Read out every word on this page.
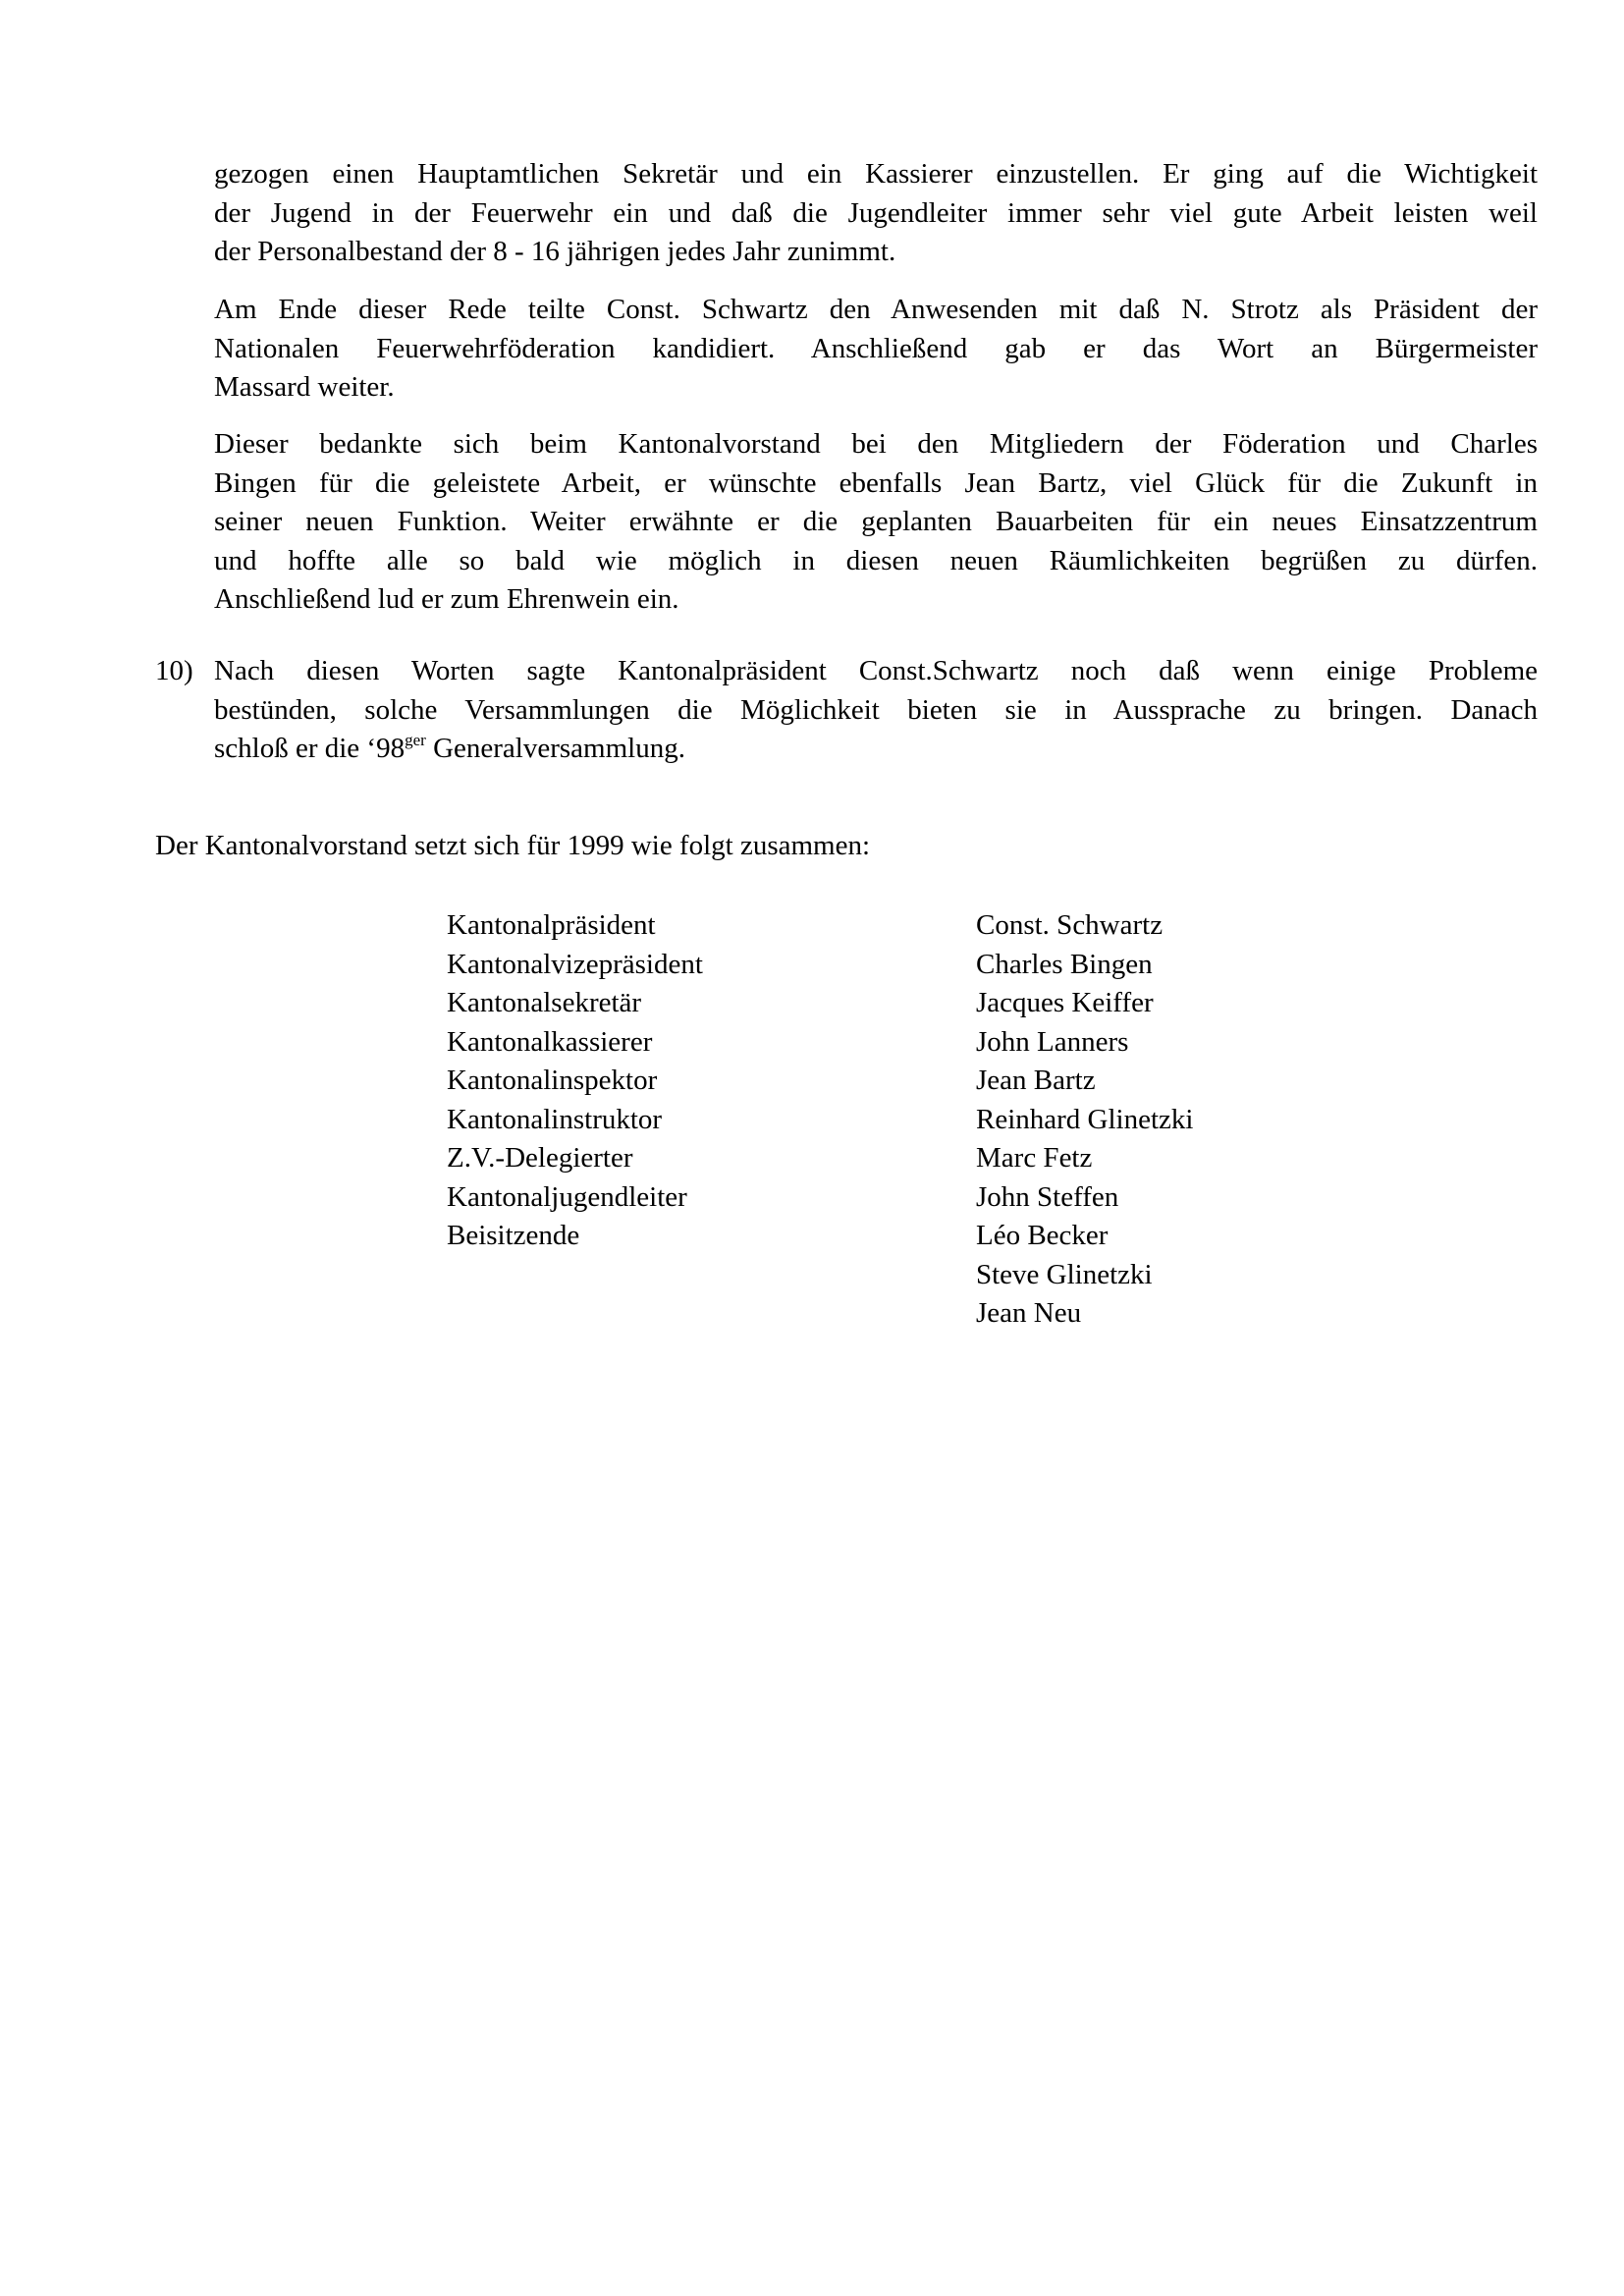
gezogen einen Hauptamtlichen Sekretär und ein Kassierer einzustellen. Er ging auf die Wichtigkeit
der Jugend in der Feuerwehr ein und daß die Jugendleiter immer sehr viel gute Arbeit leisten weil
der Personalbestand der 8 - 16 jährigen jedes Jahr zunimmt.

Am Ende dieser Rede teilte Const. Schwartz den Anwesenden mit daß N. Strotz als Präsident der
Nationalen Feuerwehrföderation kandidiert. Anschließend gab er das Wort an Bürgermeister
Massard weiter.

Dieser bedankte sich beim Kantonalvorstand bei den Mitgliedern der Föderation und Charles
Bingen für die geleistete Arbeit, er wünschte ebenfalls Jean Bartz, viel Glück für die Zukunft in
seiner neuen Funktion. Weiter erwähnte er die geplanten Bauarbeiten für ein neues Einsatzzentrum
und hoffte alle so bald wie möglich in diesen neuen Räumlichkeiten begrüßen zu dürfen.
Anschließend lud er zum Ehrenwein ein.

10) Nach diesen Worten sagte Kantonalpräsident Const.Schwartz noch daß wenn einige Probleme
bestünden, solche Versammlungen die Möglichkeit bieten sie in Aussprache zu bringen. Danach
schloß er die ‘$98^{ger}$ Generalversammlung.

Der Kantonalvorstand setzt sich für 1999 wie folgt zusammen:

Kantonalpräsident	Const. Schwartz
Kantonalvizepräsident	Charles Bingen
Kantonalsekretär	Jacques Keiffer
Kantonalkassierer	John Lanners
Kantonalinspektor	Jean Bartz
Kantonalinstruktor	Reinhard Glinetzki
Z.V.-Delegierter	Marc Fetz
Kantonaljugendleiter	John Steffen
Beisitzende	Léo Becker
Steve Glinetzki
Jean Neu
